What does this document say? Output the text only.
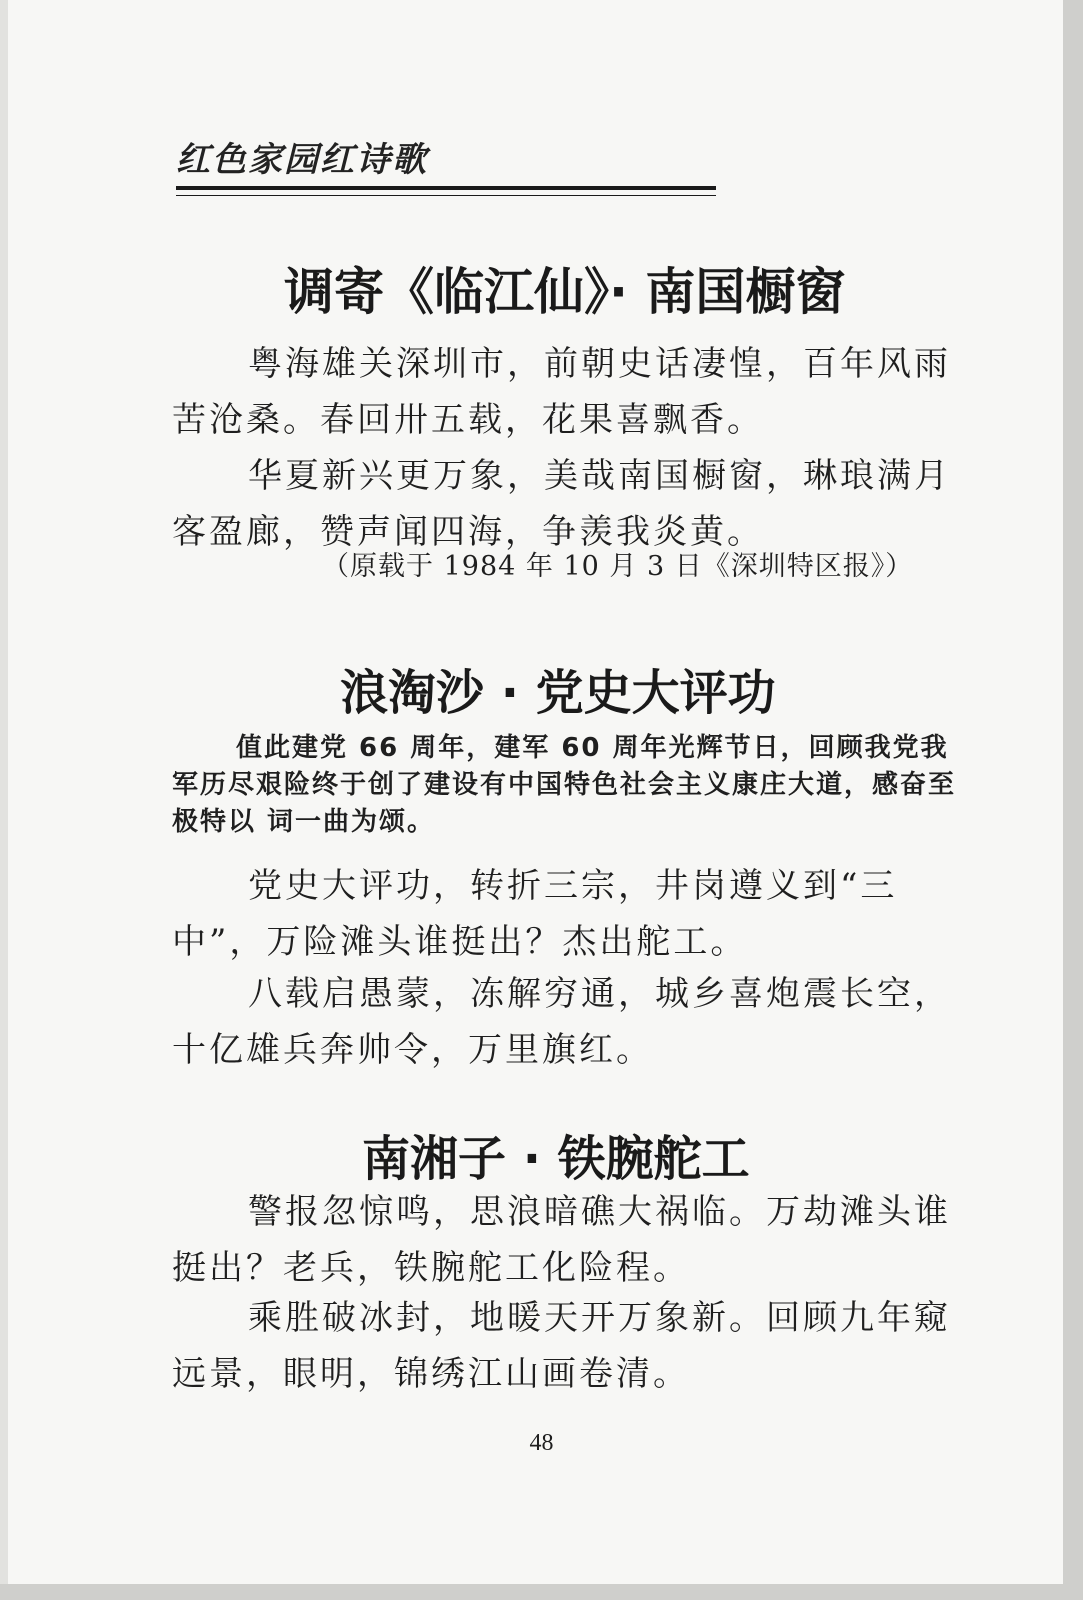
红色家园红诗歌
调寄《临江仙》· 南国橱窗

粤海雄关深圳市，前朝史话凄惶，百年风雨苦沧桑。春回卅五载，花果喜飘香。

华夏新兴更万象，美哉南国橱窗，琳琅满月客盈廊，赞声闻四海，争羡我炎黄。

（原载于 1984 年 10 月 3 日《深圳特区报》）
浪淘沙 · 党史大评功

值此建党 66 周年，建军 60 周年光辉节日，回顾我党我军历尽艰险终于创了建设有中国特色社会主义康庄大道，感奋至极特以 词一曲为颂。

党史大评功，转折三宗，井岗遵义到“三中”，万险滩头谁挺出？杰出舵工。

八载启愚蒙，冻解穷通，城乡喜炮震长空，十亿雄兵奔帅令，万里旗红。

南湘子 · 铁腕舵工

警报忽惊鸣，思浪暗礁大祸临。万劫滩头谁挺出？老兵，铁腕舵工化险程。

乘胜破冰封，地暖天开万象新。回顾九年窥远景，眼明，锦绣江山画卷清。

48
